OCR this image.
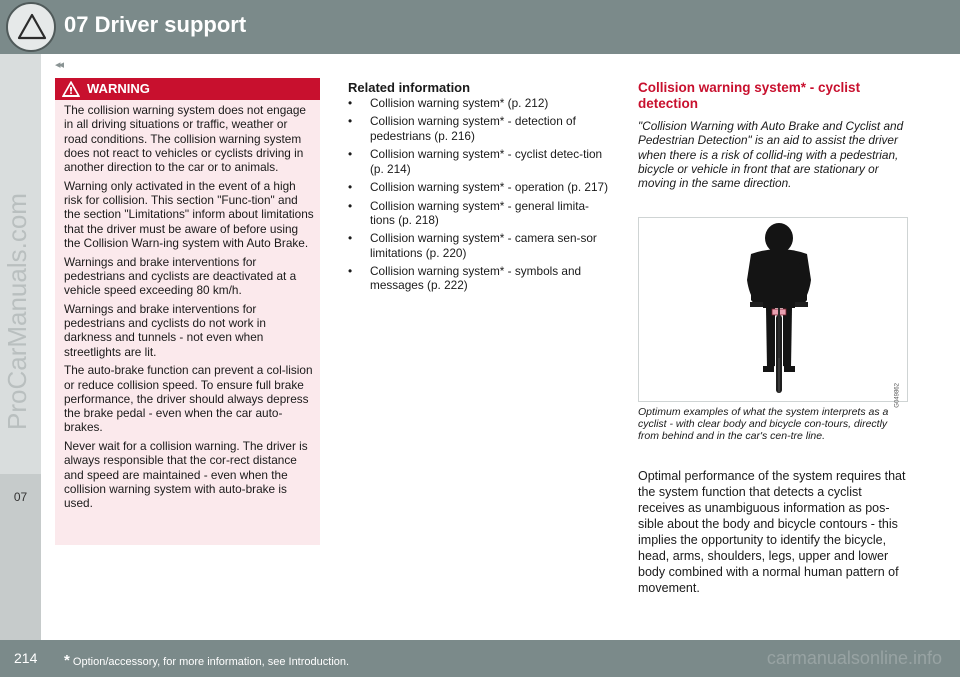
07 Driver support
◂◂
ProCarManuals.com
07
WARNING

The collision warning system does not engage in all driving situations or traffic, weather or road conditions. The collision warning system does not react to vehicles or cyclists driving in another direction to the car or to animals.

Warning only activated in the event of a high risk for collision. This section "Func-tion" and the section "Limitations" inform about limitations that the driver must be aware of before using the Collision Warn-ing system with Auto Brake.

Warnings and brake interventions for pedestrians and cyclists are deactivated at a vehicle speed exceeding 80 km/h.

Warnings and brake interventions for pedestrians and cyclists do not work in darkness and tunnels - not even when streetlights are lit.

The auto-brake function can prevent a col-lision or reduce collision speed. To ensure full brake performance, the driver should always depress the brake pedal - even when the car auto-brakes.

Never wait for a collision warning. The driver is always responsible that the cor-rect distance and speed are maintained - even when the collision warning system with auto-brake is used.

Related information
• Collision warning system* (p. 212)
• Collision warning system* - detection of pedestrians (p. 216)
• Collision warning system* - cyclist detec-tion (p. 214)
• Collision warning system* - operation (p. 217)
• Collision warning system* - general limita-tions (p. 218)
• Collision warning system* - camera sen-sor limitations (p. 220)
• Collision warning system* - symbols and messages (p. 222)
Collision warning system* - cyclist detection

"Collision Warning with Auto Brake and Cyclist and Pedestrian Detection" is an aid to assist the driver when there is a risk of collid-ing with a pedestrian, bicycle or vehicle in front that are stationary or moving in the same direction.

G049862
Optimum examples of what the system interprets as a cyclist - with clear body and bicycle con-tours, directly from behind and in the car's cen-tre line.
Optimal performance of the system requires that the system function that detects a cyclist receives as unambiguous information as pos-sible about the body and bicycle contours - this implies the opportunity to identify the bicycle, head, arms, shoulders, legs, upper and lower body combined with a normal human pattern of movement.
214 * Option/accessory, for more information, see Introduction.	carmanualsonline.info
